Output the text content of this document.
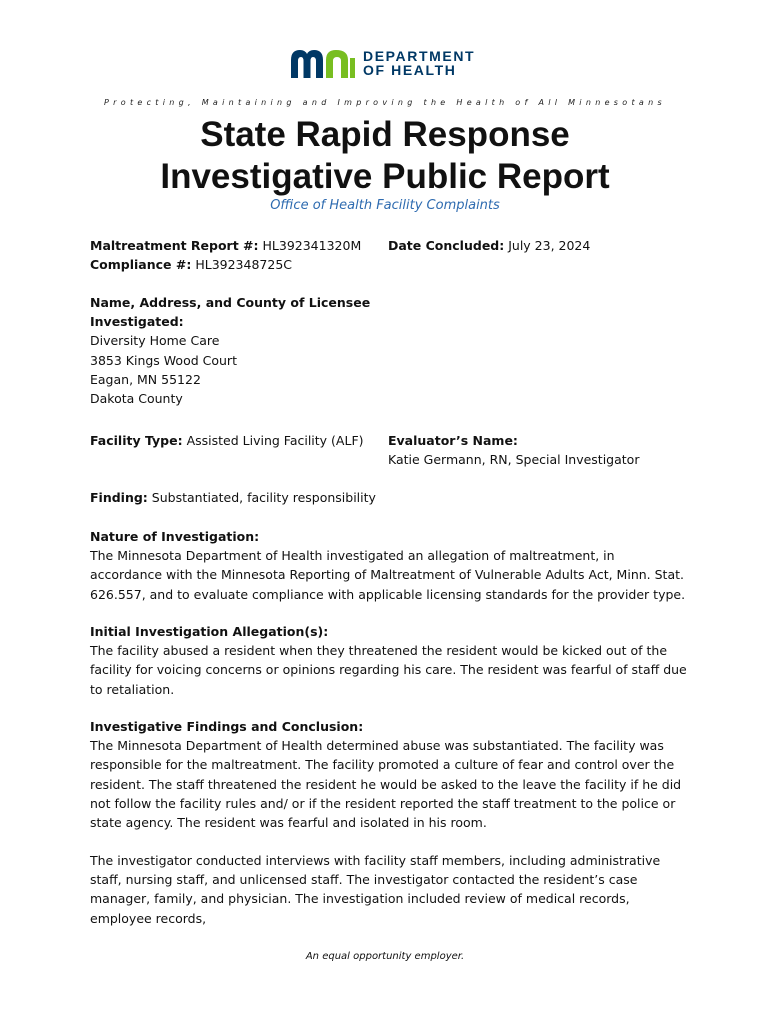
DEPARTMENT
OF HEALTH
Protecting, Maintaining and Improving the Health of All Minnesotans
State Rapid Response
Investigative Public Report
Office of Health Facility Complaints
Maltreatment Report #: HL392341320M
Compliance #: HL392348725C
Date Concluded: July 23, 2024
Name, Address, and County of Licensee
Investigated:
Diversity Home Care
3853 Kings Wood Court
Eagan, MN 55122
Dakota County
Facility Type: Assisted Living Facility (ALF) Evaluator’s Name:
Katie Germann, RN, Special Investigator
Finding: Substantiated, facility responsibility
Nature of Investigation:
The Minnesota Department of Health investigated an allegation of maltreatment, in accordance with the Minnesota Reporting of Maltreatment of Vulnerable Adults Act, Minn. Stat. 626.557, and to evaluate compliance with applicable licensing standards for the provider type.
Initial Investigation Allegation(s):
The facility abused a resident when they threatened the resident would be kicked out of the facility for voicing concerns or opinions regarding his care. The resident was fearful of staff due to retaliation.
Investigative Findings and Conclusion:
The Minnesota Department of Health determined abuse was substantiated. The facility was responsible for the maltreatment. The facility promoted a culture of fear and control over the resident. The staff threatened the resident he would be asked to the leave the facility if he did not follow the facility rules and/ or if the resident reported the staff treatment to the police or state agency. The resident was fearful and isolated in his room.
The investigator conducted interviews with facility staff members, including administrative staff, nursing staff, and unlicensed staff. The investigator contacted the resident’s case manager, family, and physician. The investigation included review of medical records, employee records,
An equal opportunity employer.
